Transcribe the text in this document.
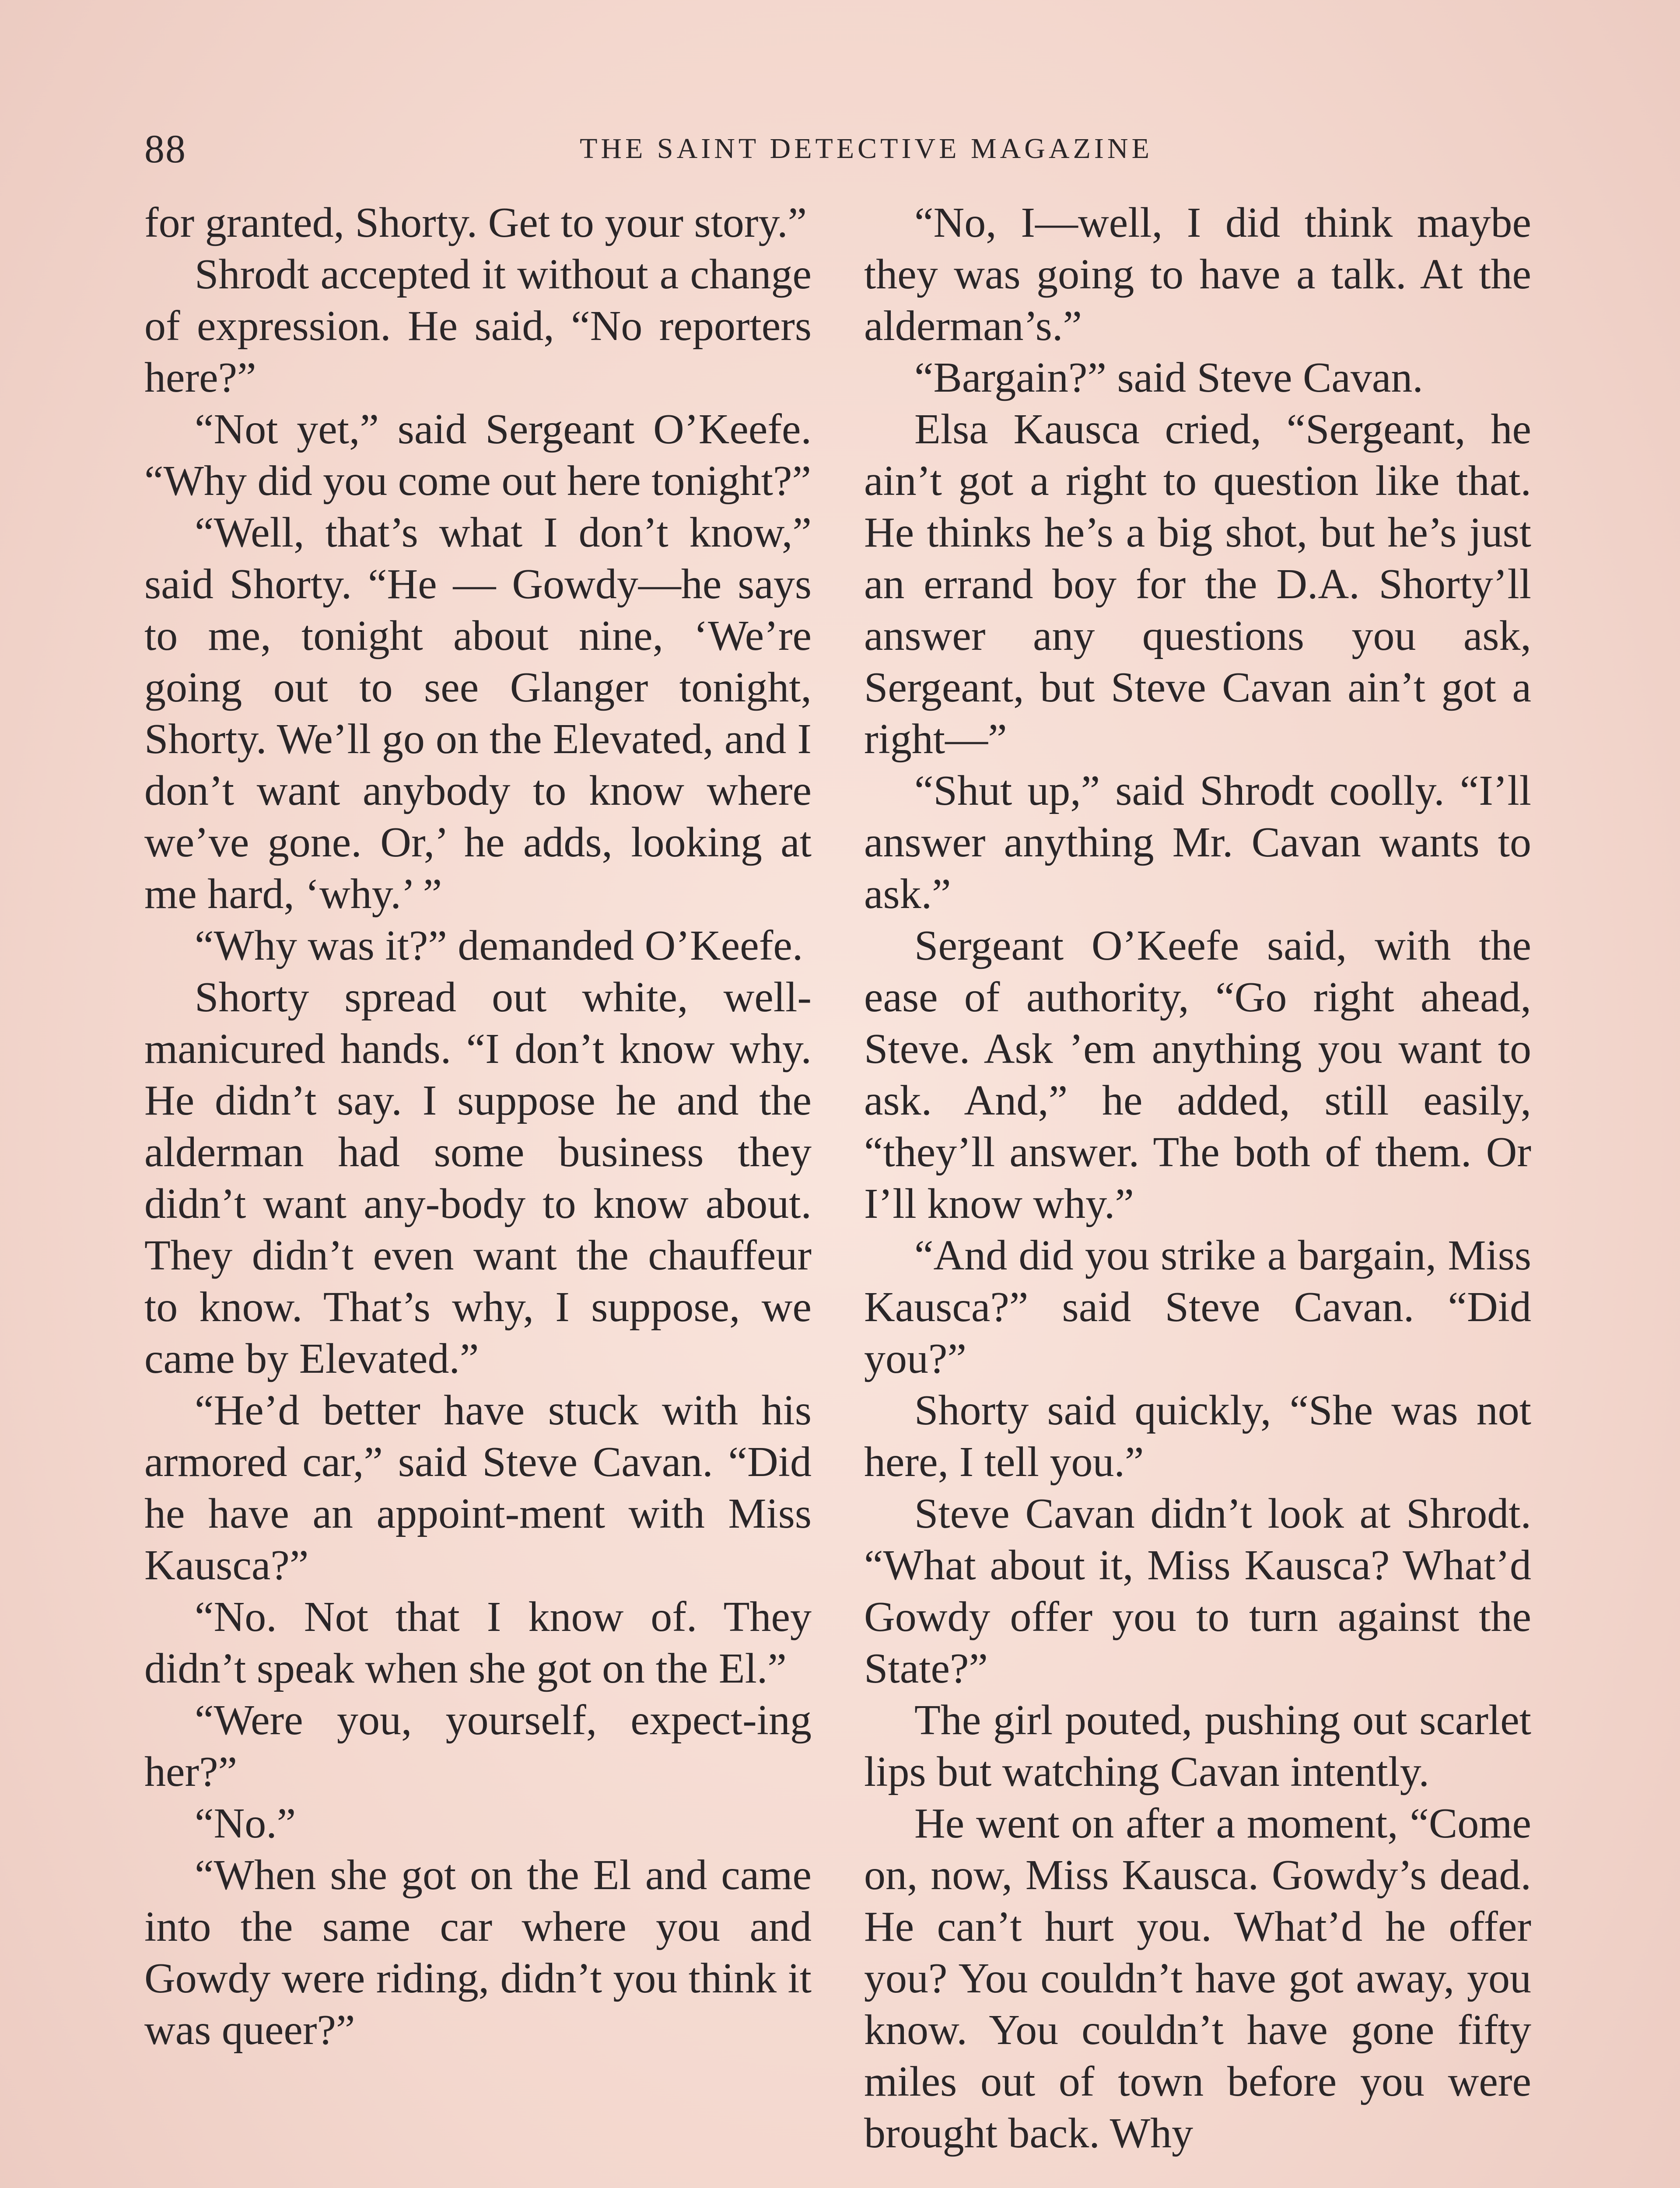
88	THE SAINT DETECTIVE MAGAZINE

for granted, Shorty. Get to your story.”

Shrodt accepted it without a change of expression. He said, “No reporters here?”

“Not yet,” said Sergeant O’Keefe. “Why did you come out here tonight?”

“Well, that’s what I don’t know,” said Shorty. “He — Gowdy—he says to me, tonight about nine, ‘We’re going out to see Glanger tonight, Shorty. We’ll go on the Elevated, and I don’t want anybody to know where we’ve gone. Or,’ he adds, looking at me hard, ‘why.’ ”

“Why was it?” demanded O’Keefe.

Shorty spread out white, well-manicured hands. “I don’t know why. He didn’t say. I suppose he and the alderman had some business they didn’t want any-body to know about. They didn’t even want the chauffeur to know. That’s why, I suppose, we came by Elevated.”

“He’d better have stuck with his armored car,” said Steve Cavan. “Did he have an appoint-ment with Miss Kausca?”

“No. Not that I know of. They didn’t speak when she got on the El.”

“Were you, yourself, expect-ing her?”

“No.”

“When she got on the El and came into the same car where you and Gowdy were riding, didn’t you think it was queer?”

“No, I—well, I did think maybe they was going to have a talk. At the alderman’s.”

“Bargain?” said Steve Cavan.

Elsa Kausca cried, “Sergeant, he ain’t got a right to question like that. He thinks he’s a big shot, but he’s just an errand boy for the D.A. Shorty’ll answer any questions you ask, Sergeant, but Steve Cavan ain’t got a right—”

“Shut up,” said Shrodt coolly. “I’ll answer anything Mr. Cavan wants to ask.”

Sergeant O’Keefe said, with the ease of authority, “Go right ahead, Steve. Ask ’em anything you want to ask. And,” he added, still easily, “they’ll answer. The both of them. Or I’ll know why.”

“And did you strike a bargain, Miss Kausca?” said Steve Cavan. “Did you?”

Shorty said quickly, “She was not here, I tell you.”

Steve Cavan didn’t look at Shrodt. “What about it, Miss Kausca? What’d Gowdy offer you to turn against the State?”

The girl pouted, pushing out scarlet lips but watching Cavan intently.

He went on after a moment, “Come on, now, Miss Kausca. Gowdy’s dead. He can’t hurt you. What’d he offer you? You couldn’t have got away, you know. You couldn’t have gone fifty miles out of town before you were brought back. Why
